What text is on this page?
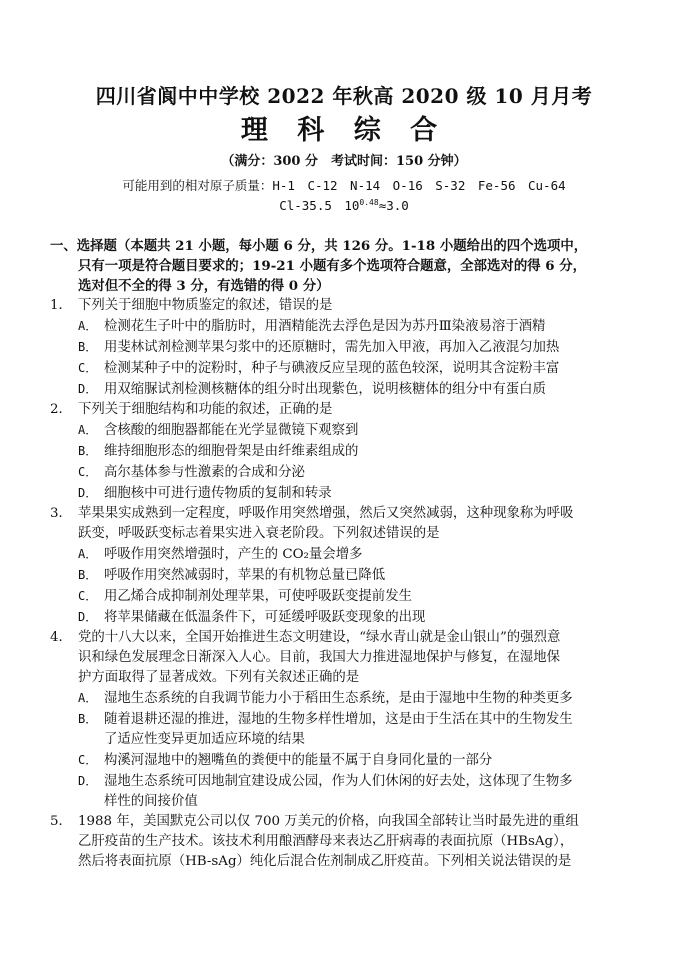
四川省阆中中学校 2022 年秋高 2020 级 10 月月考
理 科 综 合
（满分：300 分　考试时间：150 分钟）
可能用到的相对原子质量：H-1　C-12　N-14　O-16　S-32　Fe-56　Cu-64
Cl-35.5　$10^{0.48}\approx 3.0$
一、选择题（本题共 21 小题，每小题 6 分，共 126 分。1-18 小题给出的四个选项中，
只有一项是符合题目要求的；19-21 小题有多个选项符合题意，全部选对的得 6 分，
选对但不全的得 3 分，有选错的得 0 分）
1． 下列关于细胞中物质鉴定的叙述，错误的是
A． 检测花生子叶中的脂肪时，用酒精能洗去浮色是因为苏丹Ⅲ染液易溶于酒精
B． 用斐林试剂检测苹果匀浆中的还原糖时，需先加入甲液，再加入乙液混匀加热
C． 检测某种子中的淀粉时，种子与碘液反应呈现的蓝色较深，说明其含淀粉丰富
D． 用双缩脲试剂检测核糖体的组分时出现紫色，说明核糖体的组分中有蛋白质
2． 下列关于细胞结构和功能的叙述，正确的是
A． 含核酸的细胞器都能在光学显微镜下观察到
B． 维持细胞形态的细胞骨架是由纤维素组成的
C． 高尔基体参与性激素的合成和分泌
D． 细胞核中可进行遗传物质的复制和转录
3． 苹果果实成熟到一定程度，呼吸作用突然增强，然后又突然减弱，这种现象称为呼吸
跃变，呼吸跃变标志着果实进入衰老阶段。下列叙述错误的是
A． 呼吸作用突然增强时，产生的 CO₂量会增多
B． 呼吸作用突然减弱时，苹果的有机物总量已降低
C． 用乙烯合成抑制剂处理苹果，可使呼吸跃变提前发生
D． 将苹果储藏在低温条件下，可延缓呼吸跃变现象的出现
4． 党的十八大以来，全国开始推进生态文明建设，“绿水青山就是金山银山”的强烈意
识和绿色发展理念日渐深入人心。目前，我国大力推进湿地保护与修复，在湿地保
护方面取得了显著成效。下列有关叙述正确的是
A． 湿地生态系统的自我调节能力小于稻田生态系统，是由于湿地中生物的种类更多
B． 随着退耕还湿的推进，湿地的生物多样性增加，这是由于生活在其中的生物发生
了适应性变异更加适应环境的结果
C． 构溪河湿地中的翘嘴鱼的粪便中的能量不属于自身同化量的一部分
D． 湿地生态系统可因地制宜建设成公园，作为人们休闲的好去处，这体现了生物多
样性的间接价值
5． 1988 年，美国默克公司以仅 700 万美元的价格，向我国全部转让当时最先进的重组
乙肝疫苗的生产技术。该技术利用酿酒酵母来表达乙肝病毒的表面抗原（HBsAg），
然后将表面抗原（HB-sAg）纯化后混合佐剂制成乙肝疫苗。下列相关说法错误的是
